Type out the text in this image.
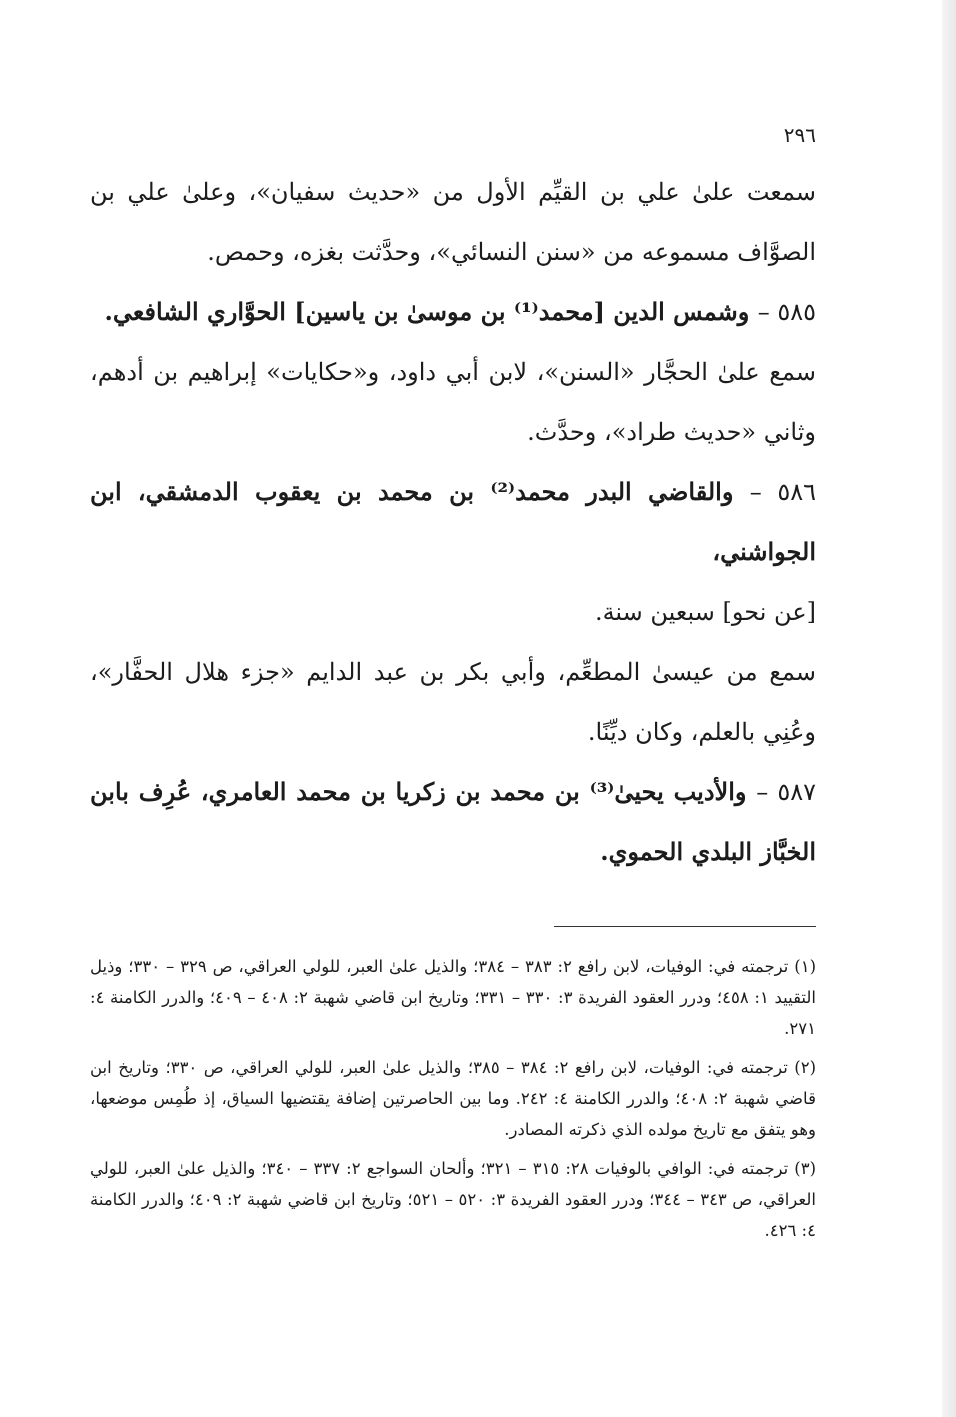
٢٩٦

سمعت علىٰ علي بن القيِّم الأول من «حديث سفيان»، وعلىٰ علي بن الصوَّاف مسموعه من «سنن النسائي»، وحدَّثت بغزه، وحمص.

٥٨٥ – وشمس الدين [محمد⁽¹⁾ بن موسىٰ بن ياسين] الحوَّاري الشافعي.

سمع علىٰ الحجَّار «السنن»، لابن أبي داود، و«حكايات» إبراهيم بن أدهم، وثاني «حديث طراد»، وحدَّث.

٥٨٦ – والقاضي البدر محمد⁽²⁾ بن محمد بن يعقوب الدمشقي، ابن الجواشني،

[عن نحو] سبعين سنة.

سمع من عيسىٰ المطعِّم، وأبي بكر بن عبد الدايم «جزء هلال الحفَّار»، وعُنِي بالعلم، وكان ديِّنًا.

٥٨٧ – والأديب يحيىٰ⁽³⁾ بن محمد بن زكريا بن محمد العامري، عُرِف بابن الخبَّاز البلدي الحموي.

(١) ترجمته في: الوفيات، لابن رافع ٢: ٣٨٣ – ٣٨٤؛ والذيل علىٰ العبر، للولي العراقي، ص ٣٢٩ – ٣٣٠؛ وذيل التقييد ١: ٤٥٨؛ ودرر العقود الفريدة ٣: ٣٣٠ – ٣٣١؛ وتاريخ ابن قاضي شهبة ٢: ٤٠٨ – ٤٠٩؛ والدرر الكامنة ٤: ٢٧١.

(٢) ترجمته في: الوفيات، لابن رافع ٢: ٣٨٤ – ٣٨٥؛ والذيل علىٰ العبر، للولي العراقي، ص ٣٣٠؛ وتاريخ ابن قاضي شهبة ٢: ٤٠٨؛ والدرر الكامنة ٤: ٢٤٢. وما بين الحاصرتين إضافة يقتضيها السياق، إذ طُمِس موضعها، وهو يتفق مع تاريخ مولده الذي ذكرته المصادر.

(٣) ترجمته في: الوافي بالوفيات ٢٨: ٣١٥ – ٣٢١؛ وألحان السواجع ٢: ٣٣٧ – ٣٤٠؛ والذيل علىٰ العبر، للولي العراقي، ص ٣٤٣ – ٣٤٤؛ ودرر العقود الفريدة ٣: ٥٢٠ – ٥٢١؛ وتاريخ ابن قاضي شهبة ٢: ٤٠٩؛ والدرر الكامنة ٤: ٤٢٦.
